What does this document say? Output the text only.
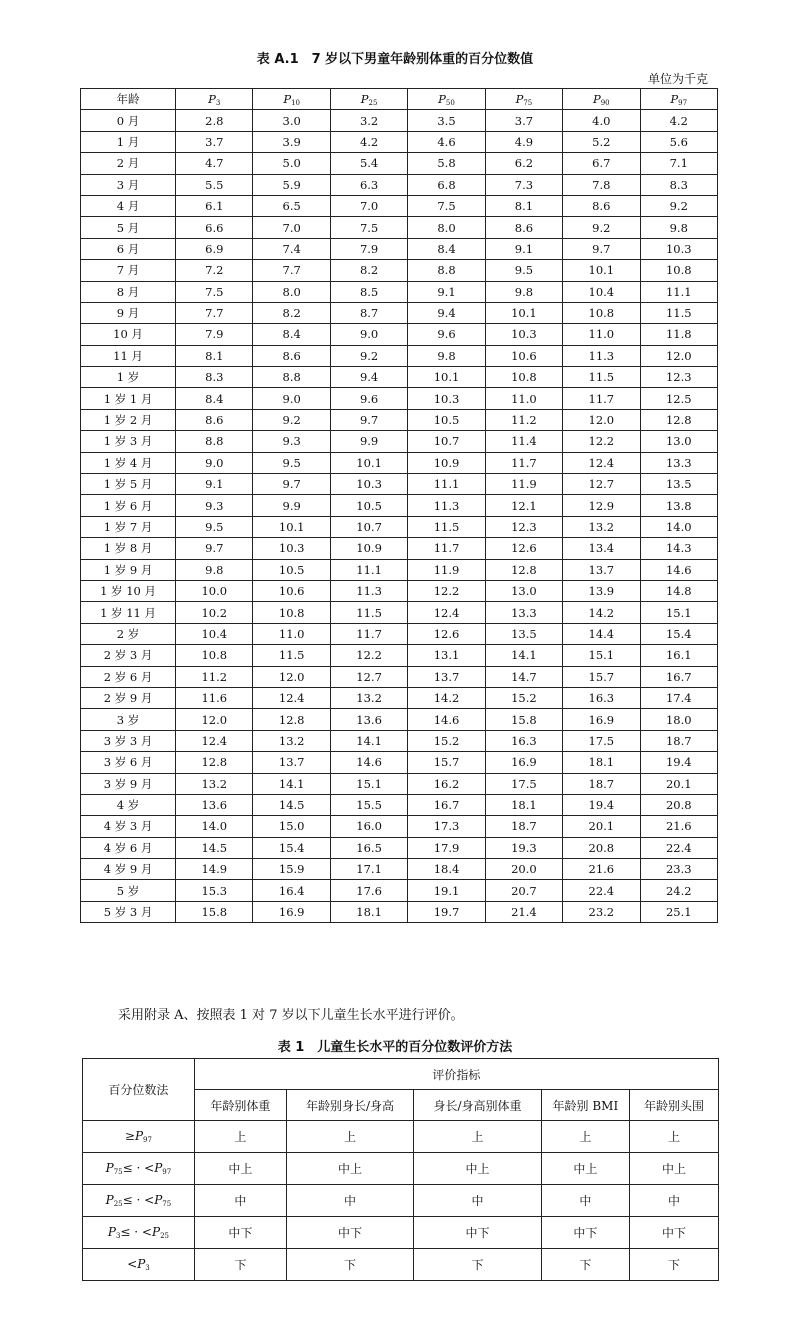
表 A.1　7 岁以下男童年龄别体重的百分位数值
单位为千克
年龄	$P_3$	$P_{10}$	$P_{25}$	$P_{50}$	$P_{75}$	$P_{90}$	$P_{97}$
0 月	2.8	3.0	3.2	3.5	3.7	4.0	4.2
1 月	3.7	3.9	4.2	4.6	4.9	5.2	5.6
2 月	4.7	5.0	5.4	5.8	6.2	6.7	7.1
3 月	5.5	5.9	6.3	6.8	7.3	7.8	8.3
4 月	6.1	6.5	7.0	7.5	8.1	8.6	9.2
5 月	6.6	7.0	7.5	8.0	8.6	9.2	9.8
6 月	6.9	7.4	7.9	8.4	9.1	9.7	10.3
7 月	7.2	7.7	8.2	8.8	9.5	10.1	10.8
8 月	7.5	8.0	8.5	9.1	9.8	10.4	11.1
9 月	7.7	8.2	8.7	9.4	10.1	10.8	11.5
10 月	7.9	8.4	9.0	9.6	10.3	11.0	11.8
11 月	8.1	8.6	9.2	9.8	10.6	11.3	12.0
1 岁	8.3	8.8	9.4	10.1	10.8	11.5	12.3
1 岁 1 月	8.4	9.0	9.6	10.3	11.0	11.7	12.5
1 岁 2 月	8.6	9.2	9.7	10.5	11.2	12.0	12.8
1 岁 3 月	8.8	9.3	9.9	10.7	11.4	12.2	13.0
1 岁 4 月	9.0	9.5	10.1	10.9	11.7	12.4	13.3
1 岁 5 月	9.1	9.7	10.3	11.1	11.9	12.7	13.5
1 岁 6 月	9.3	9.9	10.5	11.3	12.1	12.9	13.8
1 岁 7 月	9.5	10.1	10.7	11.5	12.3	13.2	14.0
1 岁 8 月	9.7	10.3	10.9	11.7	12.6	13.4	14.3
1 岁 9 月	9.8	10.5	11.1	11.9	12.8	13.7	14.6
1 岁 10 月	10.0	10.6	11.3	12.2	13.0	13.9	14.8
1 岁 11 月	10.2	10.8	11.5	12.4	13.3	14.2	15.1
2 岁	10.4	11.0	11.7	12.6	13.5	14.4	15.4
2 岁 3 月	10.8	11.5	12.2	13.1	14.1	15.1	16.1
2 岁 6 月	11.2	12.0	12.7	13.7	14.7	15.7	16.7
2 岁 9 月	11.6	12.4	13.2	14.2	15.2	16.3	17.4
3 岁	12.0	12.8	13.6	14.6	15.8	16.9	18.0
3 岁 3 月	12.4	13.2	14.1	15.2	16.3	17.5	18.7
3 岁 6 月	12.8	13.7	14.6	15.7	16.9	18.1	19.4
3 岁 9 月	13.2	14.1	15.1	16.2	17.5	18.7	20.1
4 岁	13.6	14.5	15.5	16.7	18.1	19.4	20.8
4 岁 3 月	14.0	15.0	16.0	17.3	18.7	20.1	21.6
4 岁 6 月	14.5	15.4	16.5	17.9	19.3	20.8	22.4
4 岁 9 月	14.9	15.9	17.1	18.4	20.0	21.6	23.3
5 岁	15.3	16.4	17.6	19.1	20.7	22.4	24.2
5 岁 3 月	15.8	16.9	18.1	19.7	21.4	23.2	25.1
采用附录 A、按照表 1 对 7 岁以下儿童生长水平进行评价。
表 1　儿童生长水平的百分位数评价方法
百分位数法	评价指标				
	年龄别体重	年龄别身长/身高	身长/身高别体重	年龄别 BMI	年龄别头围
$\ge P_{97}$	上	上	上	上	上
$P_{75}\le \cdot <P_{97}$	中上	中上	中上	中上	中上
$P_{25}\le \cdot <P_{75}$	中	中	中	中	中
$P_3\le \cdot <P_{25}$	中下	中下	中下	中下	中下
$<P_3$	下	下	下	下	下
